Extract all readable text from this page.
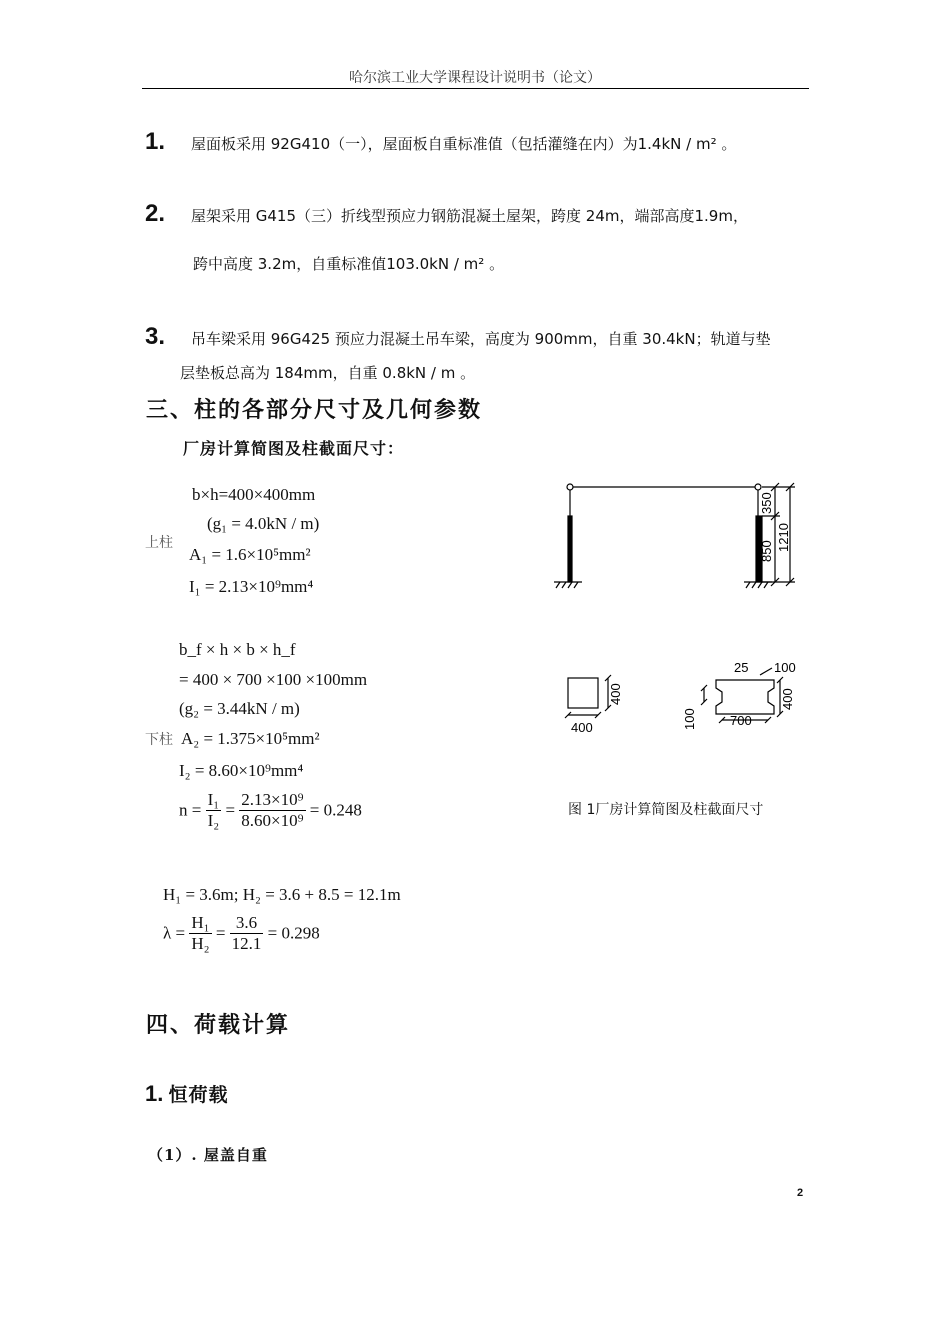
哈尔滨工业大学课程设计说明书（论文）
1. 屋面板采用 92G410（一），屋面板自重标准值（包括灌缝在内）为1.4kN / m² 。
2. 屋架采用 G415（三）折线型预应力钢筋混凝土屋架，跨度 24m，端部高度1.9m，
跨中高度 3.2m，自重标准值103.0kN / m² 。
3. 吊车梁采用 96G425 预应力混凝土吊车梁，高度为 900mm，自重 30.4kN；轨道与垫
层垫板总高为 184mm，自重 0.8kN / m 。
三、柱的各部分尺寸及几何参数
厂房计算简图及柱截面尺寸：
b×h=400×400mm
(g₁ = 4.0kN / m)
上柱
A₁ = 1.6×10⁵mm²
I₁ = 2.13×10⁹mm⁴
b_f × h × b × h_f
= 400 × 700 ×100 ×100mm
(g₂ = 3.44kN / m)
下柱 A₂ = 1.375×10⁵mm²
I₂ = 8.60×10⁹mm⁴
$n = \frac{\text{I₁}}{\text{I₂}} = \frac{\text{2.13×10⁹}}{\text{8.60×10⁹}} = 0.248$
H₁ = 3.6m; H₂ = 3.6 + 8.5 = 12.1m
$\lambda = \frac{\text{H₁}}{\text{H₂}} = \frac{3.6}{12.1} = 0.298$
350
850 1210
400
400
25 100
100
400
700
图 1厂房计算简图及柱截面尺寸
四、荷载计算
1. 恒荷载
（1）. 屋盖自重
2
